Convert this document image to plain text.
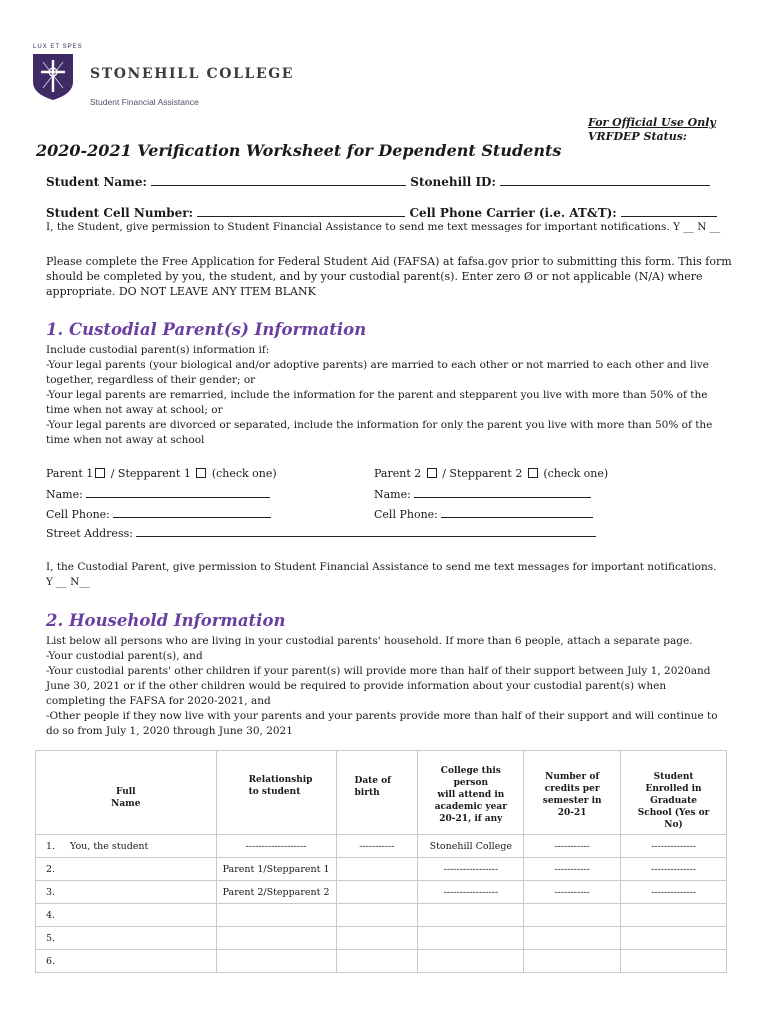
LUX ET SPES
STONEHILL COLLEGE
Student Financial Assistance
For Official Use Only
VRFDEP Status:
2020-2021 Verification Worksheet for Dependent Students
Student Name:	Stonehill ID:
Student Cell Number:	Cell Phone Carrier (i.e. AT&T):
I, the Student, give permission to Student Financial Assistance to send me text messages for important notifications. Y __ N __
Please complete the Free Application for Federal Student Aid (FAFSA) at fafsa.gov prior to submitting this form. This form
should be completed by you, the student, and by your custodial parent(s). Enter zero Ø or not applicable (N/A) where
appropriate. DO NOT LEAVE ANY ITEM BLANK
1. Custodial Parent(s) Information
Include custodial parent(s) information if:
-Your legal parents (your biological and/or adoptive parents) are married to each other or not married to each other and live
together, regardless of their gender; or
-Your legal parents are remarried, include the information for the parent and stepparent you live with more than 50% of the
time when not away at school; or
-Your legal parents are divorced or separated, include the information for only the parent you live with more than 50% of the
time when not away at school
Parent 1 / Stepparent 1 (check one)	Parent 2 / Stepparent 2 (check one)
Name:	Name:
Cell Phone:	Cell Phone:
Street Address:
I, the Custodial Parent, give permission to Student Financial Assistance to send me text messages for important notifications.
Y __ N__
2. Household Information
List below all persons who are living in your custodial parents' household. If more than 6 people, attach a separate page.
-Your custodial parent(s), and
-Your custodial parents' other children if your parent(s) will provide more than half of their support between July 1, 2020and
June 30, 2021 or if the other children would be required to provide information about your custodial parent(s) when
completing the FAFSA for 2020-2021, and
-Other people if they now live with your parents and your parents provide more than half of their support and will continue to
do so from July 1, 2020 through June 30, 2021
Full
Name	Relationship
to student	Date of
birth	College this person
will attend in
academic year
20-21, if any	Number of
credits per
semester in
20-21	Student
Enrolled in
Graduate
School (Yes or
No)

1. You, the student	-------------------	-----------	Stonehill College	-----------	--------------
2.	Parent 1/Stepparent 1		-----------------	-----------	--------------
3.	Parent 2/Stepparent 2		-----------------	-----------	--------------
4.					
5.					
6.					
